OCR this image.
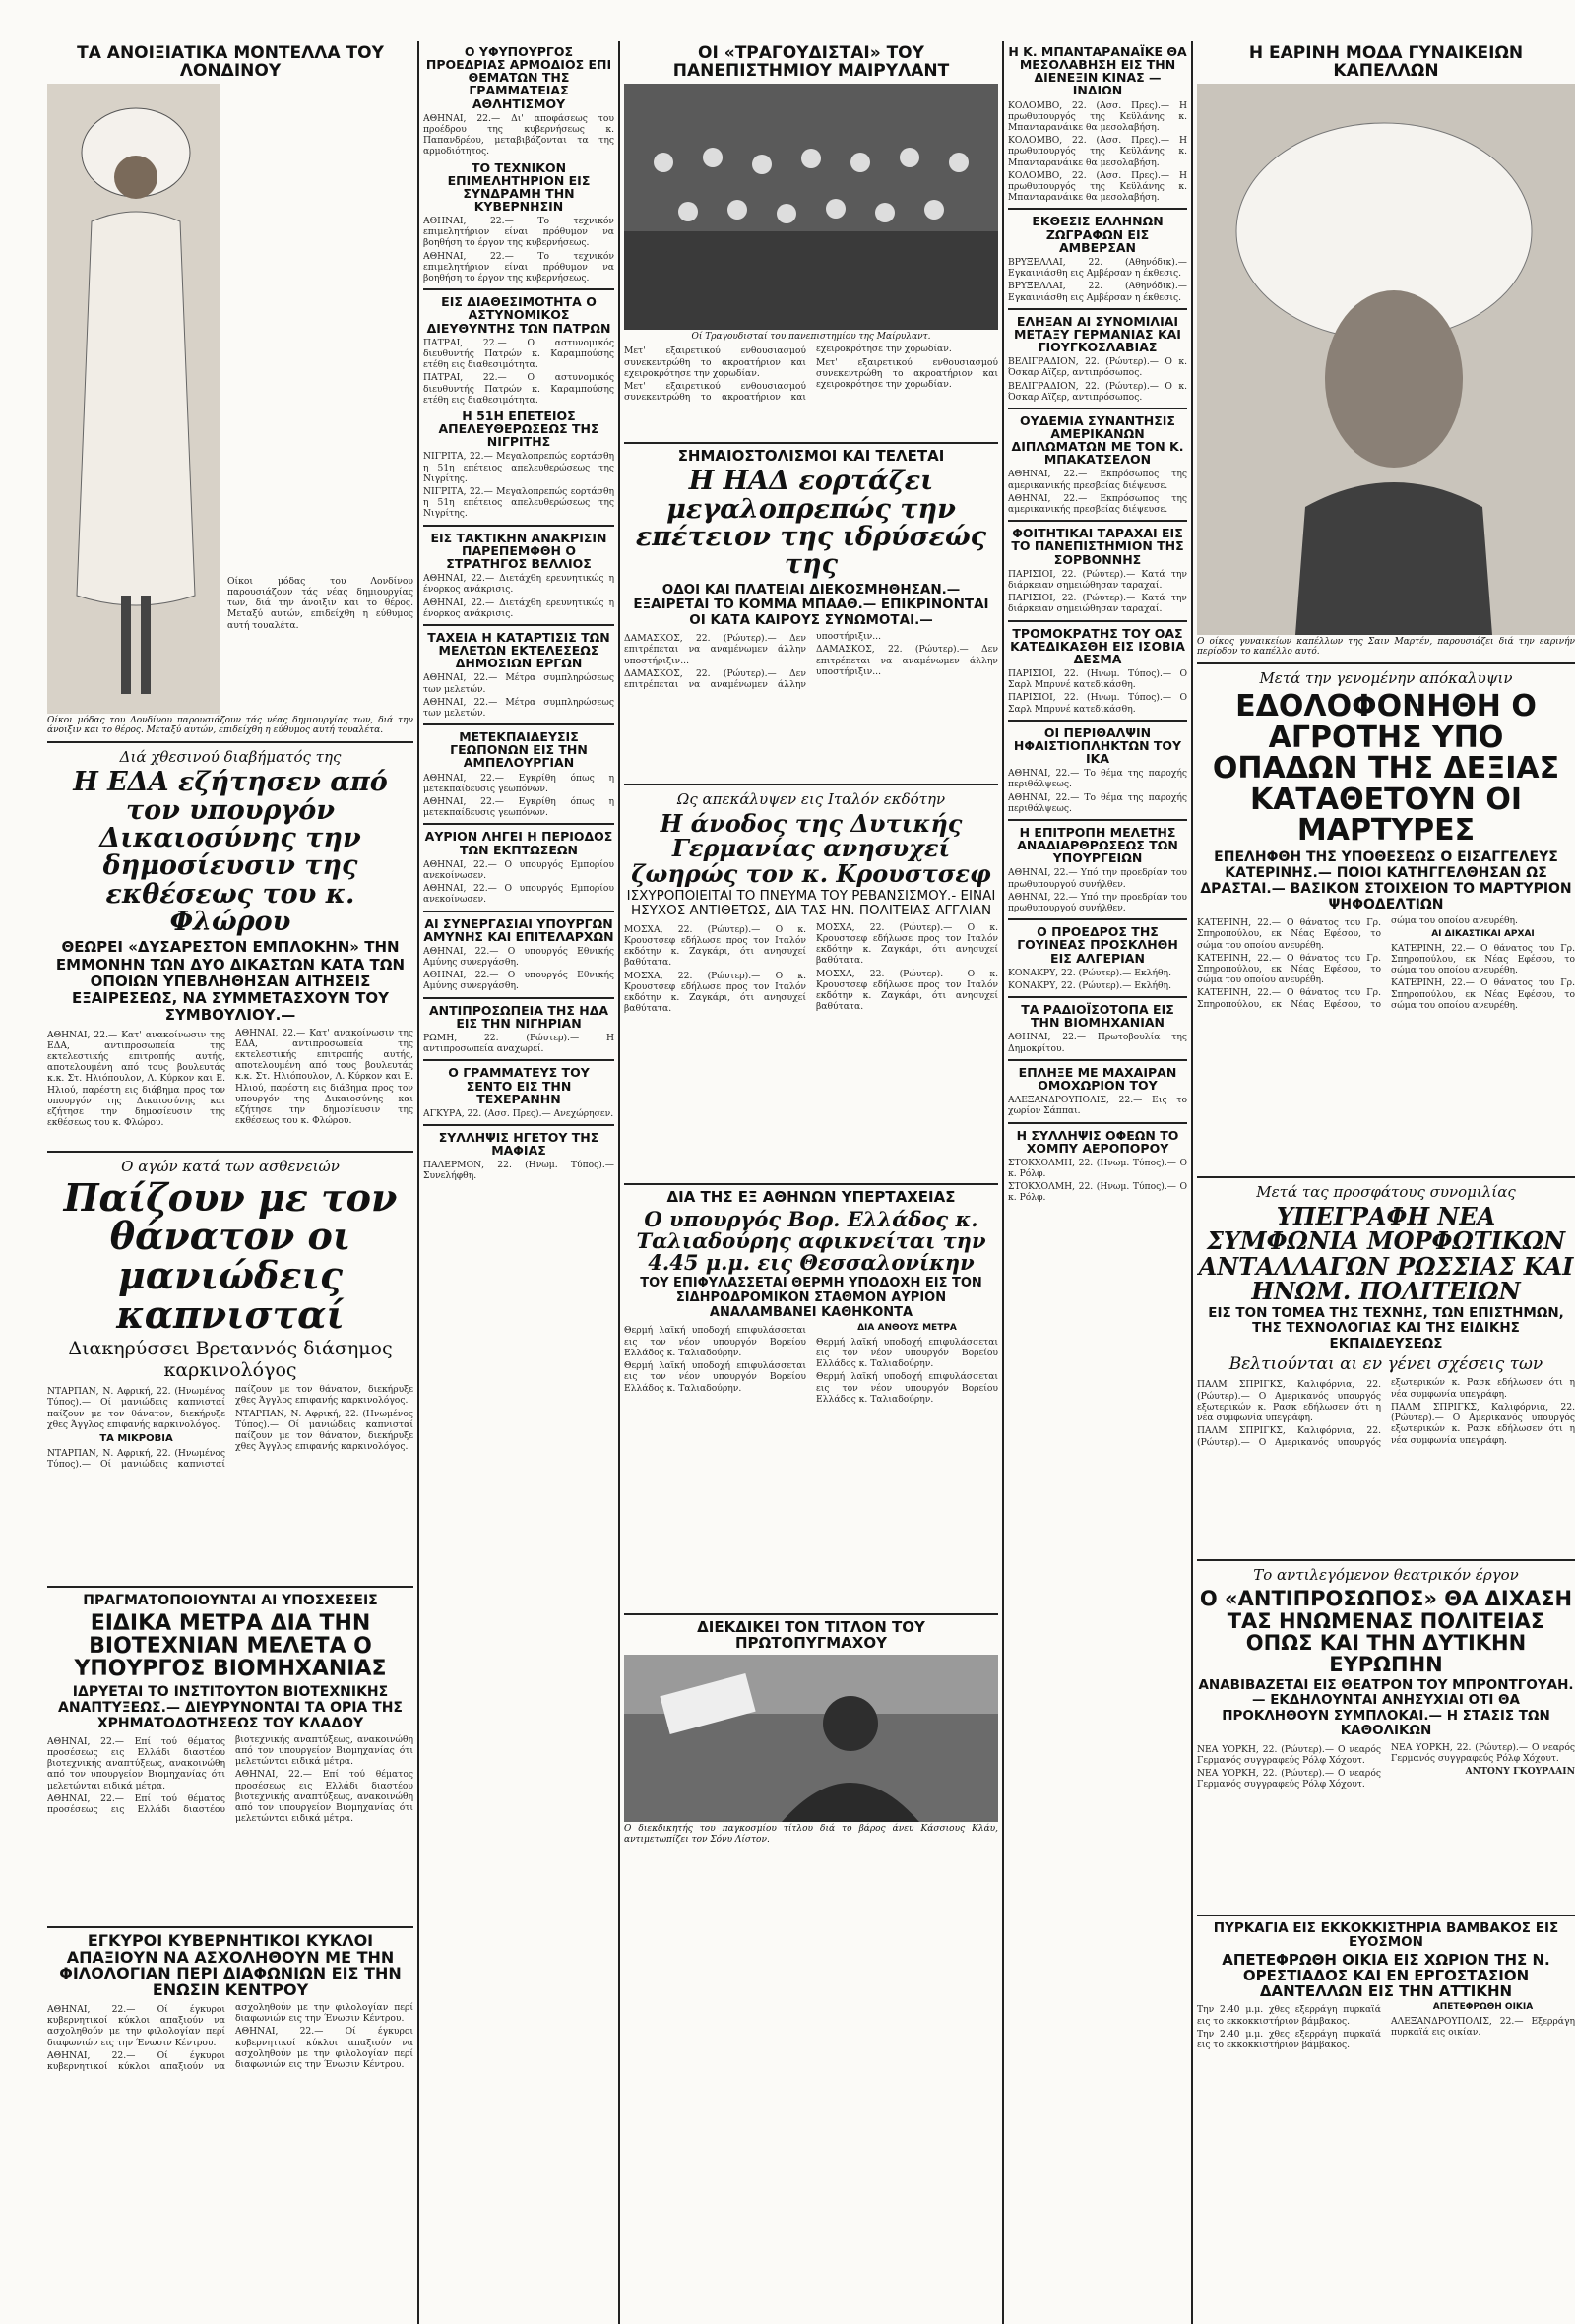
ΤΑ ΑΝΟΙΞΙΑΤΙΚΑ ΜΟΝΤΕΛΛΑ ΤΟΥ ΛΟΝΔΙΝΟΥ

Οίκοι μόδας του Λονδίνου παρουσιάζουν τάς νέας δημιουργίας των, διά την άνοιξιν και το θέρος. Μεταξύ αυτών, επιδείχθη η εύθυμος αυτή τουαλέτα.

Οίκοι μόδας του Λονδίνου παρουσιάζουν τάς νέας δημιουργίας των, διά την άνοιξιν και το θέρος. Μεταξύ αυτών, επιδείχθη η εύθυμος αυτή τουαλέτα.

Διά χθεσινού διαβήματός της
Η ΕΔΑ εζήτησεν από τον υπουργόν Δικαιοσύνης την δημοσίευσιν της εκθέσεως του κ. Φλώρου
ΘΕΩΡΕΙ «ΔΥΣΑΡΕΣΤΟΝ ΕΜΠΛΟΚΗΝ» ΤΗΝ ΕΜΜΟΝΗΝ ΤΩΝ ΔΥΟ ΔΙΚΑΣΤΩΝ ΚΑΤΑ ΤΩΝ ΟΠΟΙΩΝ ΥΠΕΒΛΗΘΗΣΑΝ ΑΙΤΗΣΕΙΣ ΕΞΑΙΡΕΣΕΩΣ, ΝΑ ΣΥΜΜΕΤΑΣΧΟΥΝ ΤΟΥ ΣΥΜΒΟΥΛΙΟΥ.—

ΑΘΗΝΑΙ, 22.— Κατ' ανακοίνωσιν της ΕΔΑ, αντιπροσωπεία της εκτελεστικής επιτροπής αυτής, αποτελουμένη από τους βουλευτάς κ.κ. Στ. Ηλιόπουλον, Λ. Κύρκον και Ε. Ηλιού, παρέστη εις διάβημα προς τον υπουργόν της Δικαιοσύνης και εζήτησε την δημοσίευσιν της εκθέσεως του κ. Φλώρου.

ΑΘΗΝΑΙ, 22.— Κατ' ανακοίνωσιν της ΕΔΑ, αντιπροσωπεία της εκτελεστικής επιτροπής αυτής, αποτελουμένη από τους βουλευτάς κ.κ. Στ. Ηλιόπουλον, Λ. Κύρκον και Ε. Ηλιού, παρέστη εις διάβημα προς τον υπουργόν της Δικαιοσύνης και εζήτησε την δημοσίευσιν της εκθέσεως του κ. Φλώρου.

Ο αγών κατά των ασθενειών
Παίζουν με τον θάνατον οι μανιώδεις καπνισταί
Διακηρύσσει Βρεταννός διάσημος καρκινολόγος

ΝΤΑΡΠΑΝ, Ν. Αφρική, 22. (Ηνωμένος Τύπος).— Οί μανιώδεις καπνισταί παίζουν με τον θάνατον, διεκήρυξε χθες Άγγλος επιφανής καρκινολόγος.

ΤΑ ΜΙΚΡΟΒΙΑ

ΝΤΑΡΠΑΝ, Ν. Αφρική, 22. (Ηνωμένος Τύπος).— Οί μανιώδεις καπνισταί παίζουν με τον θάνατον, διεκήρυξε χθες Άγγλος επιφανής καρκινολόγος.

ΝΤΑΡΠΑΝ, Ν. Αφρική, 22. (Ηνωμένος Τύπος).— Οί μανιώδεις καπνισταί παίζουν με τον θάνατον, διεκήρυξε χθες Άγγλος επιφανής καρκινολόγος.

ΠΡΑΓΜΑΤΟΠΟΙΟΥΝΤΑΙ ΑΙ ΥΠΟΣΧΕΣΕΙΣ
ΕΙΔΙΚΑ ΜΕΤΡΑ ΔΙΑ ΤΗΝ ΒΙΟΤΕΧΝΙΑΝ ΜΕΛΕΤΑ Ο ΥΠΟΥΡΓΟΣ ΒΙΟΜΗΧΑΝΙΑΣ
ΙΔΡΥΕΤΑΙ ΤΟ ΙΝΣΤΙΤΟΥΤΟΝ ΒΙΟΤΕΧΝΙΚΗΣ ΑΝΑΠΤΥΞΕΩΣ.— ΔΙΕΥΡΥΝΟΝΤΑΙ ΤΑ ΟΡΙΑ ΤΗΣ ΧΡΗΜΑΤΟΔΟΤΗΣΕΩΣ ΤΟΥ ΚΛΑΔΟΥ

ΑΘΗΝΑΙ, 22.— Επί τού θέματος προσέσεως εις Ελλάδι διαστέου βιοτεχνικής αναπτύξεως, ανακοινώθη από τον υπουργείον Βιομηχανίας ότι μελετώνται ειδικά μέτρα.

ΑΘΗΝΑΙ, 22.— Επί τού θέματος προσέσεως εις Ελλάδι διαστέου βιοτεχνικής αναπτύξεως, ανακοινώθη από τον υπουργείον Βιομηχανίας ότι μελετώνται ειδικά μέτρα.

ΑΘΗΝΑΙ, 22.— Επί τού θέματος προσέσεως εις Ελλάδι διαστέου βιοτεχνικής αναπτύξεως, ανακοινώθη από τον υπουργείον Βιομηχανίας ότι μελετώνται ειδικά μέτρα.

ΕΓΚΥΡΟΙ ΚΥΒΕΡΝΗΤΙΚΟΙ ΚΥΚΛΟΙ ΑΠΑΞΙΟΥΝ ΝΑ ΑΣΧΟΛΗΘΟΥΝ ΜΕ ΤΗΝ ΦΙΛΟΛΟΓΙΑΝ ΠΕΡΙ ΔΙΑΦΩΝΙΩΝ ΕΙΣ ΤΗΝ ΕΝΩΣΙΝ ΚΕΝΤΡΟΥ

ΑΘΗΝΑΙ, 22.— Οί έγκυροι κυβερνητικοί κύκλοι απαξιούν να ασχοληθούν με την φιλολογίαν περί διαφωνιών εις την Ένωσιν Κέντρου.

ΑΘΗΝΑΙ, 22.— Οί έγκυροι κυβερνητικοί κύκλοι απαξιούν να ασχοληθούν με την φιλολογίαν περί διαφωνιών εις την Ένωσιν Κέντρου.

ΑΘΗΝΑΙ, 22.— Οί έγκυροι κυβερνητικοί κύκλοι απαξιούν να ασχοληθούν με την φιλολογίαν περί διαφωνιών εις την Ένωσιν Κέντρου.

Ο ΥΦΥΠΟΥΡΓΟΣ ΠΡΟΕΔΡΙΑΣ ΑΡΜΟΔΙΟΣ ΕΠΙ ΘΕΜΑΤΩΝ ΤΗΣ ΓΡΑΜΜΑΤΕΙΑΣ ΑΘΛΗΤΙΣΜΟΥ

ΑΘΗΝΑΙ, 22.— Δι' αποφάσεως του προέδρου της κυβερνήσεως κ. Παπανδρέου, μεταβιβάζονται τα της αρμοδιότητος.

ΤΟ ΤΕΧΝΙΚΟΝ ΕΠΙΜΕΛΗΤΗΡΙΟΝ ΕΙΣ ΣΥΝΔΡΑΜΗ ΤΗΝ ΚΥΒΕΡΝΗΣΙΝ

ΑΘΗΝΑΙ, 22.— Το τεχνικόν επιμελητήριον είναι πρόθυμον να βοηθήση το έργον της κυβερνήσεως.

ΑΘΗΝΑΙ, 22.— Το τεχνικόν επιμελητήριον είναι πρόθυμον να βοηθήση το έργον της κυβερνήσεως.

ΕΙΣ ΔΙΑΘΕΣΙΜΟΤΗΤΑ Ο ΑΣΤΥΝΟΜΙΚΟΣ ΔΙΕΥΘΥΝΤΗΣ ΤΩΝ ΠΑΤΡΩΝ

ΠΑΤΡΑΙ, 22.— Ο αστυνομικός διευθυντής Πατρών κ. Καραμπούσης ετέθη εις διαθεσιμότητα.

ΠΑΤΡΑΙ, 22.— Ο αστυνομικός διευθυντής Πατρών κ. Καραμπούσης ετέθη εις διαθεσιμότητα.

Η 51Η ΕΠΕΤΕΙΟΣ ΑΠΕΛΕΥΘΕΡΩΣΕΩΣ ΤΗΣ ΝΙΓΡΙΤΗΣ

ΝΙΓΡΙΤΑ, 22.— Μεγαλοπρεπώς εορτάσθη η 51η επέτειος απελευθερώσεως της Νιγρίτης.

ΝΙΓΡΙΤΑ, 22.— Μεγαλοπρεπώς εορτάσθη η 51η επέτειος απελευθερώσεως της Νιγρίτης.

ΕΙΣ ΤΑΚΤΙΚΗΝ ΑΝΑΚΡΙΣΙΝ ΠΑΡΕΠΕΜΦΘΗ Ο ΣΤΡΑΤΗΓΟΣ ΒΕΛΛΙΟΣ

ΑΘΗΝΑΙ, 22.— Διετάχθη ερευνητικώς η ένορκος ανάκρισις.

ΑΘΗΝΑΙ, 22.— Διετάχθη ερευνητικώς η ένορκος ανάκρισις.

ΤΑΧΕΙΑ Η ΚΑΤΑΡΤΙΣΙΣ ΤΩΝ ΜΕΛΕΤΩΝ ΕΚΤΕΛΕΣΕΩΣ ΔΗΜΟΣΙΩΝ ΕΡΓΩΝ

ΑΘΗΝΑΙ, 22.— Μέτρα συμπληρώσεως των μελετών.

ΑΘΗΝΑΙ, 22.— Μέτρα συμπληρώσεως των μελετών.

ΜΕΤΕΚΠΑΙΔΕΥΣΙΣ ΓΕΩΠΟΝΩΝ ΕΙΣ ΤΗΝ ΑΜΠΕΛΟΥΡΓΙΑΝ

ΑΘΗΝΑΙ, 22.— Εγκρίθη όπως η μετεκπαίδευσις γεωπόνων.

ΑΘΗΝΑΙ, 22.— Εγκρίθη όπως η μετεκπαίδευσις γεωπόνων.

ΑΥΡΙΟΝ ΛΗΓΕΙ Η ΠΕΡΙΟΔΟΣ ΤΩΝ ΕΚΠΤΩΣΕΩΝ

ΑΘΗΝΑΙ, 22.— Ο υπουργός Εμπορίου ανεκοίνωσεν.

ΑΘΗΝΑΙ, 22.— Ο υπουργός Εμπορίου ανεκοίνωσεν.

ΑΙ ΣΥΝΕΡΓΑΣΙΑΙ ΥΠΟΥΡΓΩΝ ΑΜΥΝΗΣ ΚΑΙ ΕΠΙΤΕΛΑΡΧΩΝ

ΑΘΗΝΑΙ, 22.— Ο υπουργός Εθνικής Αμύνης συνεργάσθη.

ΑΘΗΝΑΙ, 22.— Ο υπουργός Εθνικής Αμύνης συνεργάσθη.

ΑΝΤΙΠΡΟΣΩΠΕΙΑ ΤΗΣ ΗΔΑ ΕΙΣ ΤΗΝ ΝΙΓΗΡΙΑΝ

ΡΩΜΗ, 22. (Ρώυτερ).— Η αντιπροσωπεία αναχωρεί.

Ο ΓΡΑΜΜΑΤΕΥΣ ΤΟΥ ΣΕΝΤΟ ΕΙΣ ΤΗΝ ΤΕΧΕΡΑΝΗΝ

ΑΓΚΥΡΑ, 22. (Ασσ. Πρες).— Ανεχώρησεν.

ΣΥΛΛΗΨΙΣ ΗΓΕΤΟΥ ΤΗΣ ΜΑΦΙΑΣ

ΠΑΛΕΡΜΟΝ, 22. (Ηνωμ. Τύπος).— Συνελήφθη.

ΟΙ «ΤΡΑΓΟΥΔΙΣΤΑΙ» ΤΟΥ ΠΑΝΕΠΙΣΤΗΜΙΟΥ ΜΑΙΡΥΛΑΝΤ

Οί Τραγουδισταί του πανεπιστημίου της Μαίρυλαντ.

Μετ' εξαιρετικού ενθουσιασμού συνεκεντρώθη το ακροατήριον και εχειροκρότησε την χορωδίαν.

Μετ' εξαιρετικού ενθουσιασμού συνεκεντρώθη το ακροατήριον και εχειροκρότησε την χορωδίαν.

Μετ' εξαιρετικού ενθουσιασμού συνεκεντρώθη το ακροατήριον και εχειροκρότησε την χορωδίαν.

ΣΗΜΑΙΟΣΤΟΛΙΣΜΟΙ ΚΑΙ ΤΕΛΕΤΑΙ
Η ΗΑΔ εορτάζει μεγαλοπρεπώς την επέτειον της ιδρύσεώς της
ΟΔΟΙ ΚΑΙ ΠΛΑΤΕΙΑΙ ΔΙΕΚΟΣΜΗΘΗΣΑΝ.— ΕΞΑΙΡΕΤΑΙ ΤΟ ΚΟΜΜΑ ΜΠΑΑΘ.— ΕΠΙΚΡΙΝΟΝΤΑΙ ΟΙ ΚΑΤΑ ΚΑΙΡΟΥΣ ΣΥΝΩΜΟΤΑΙ.—

ΔΑΜΑΣΚΟΣ, 22. (Ρώυτερ).— Δεν επιτρέπεται να αναμένωμεν άλλην υποστήριξιν...

ΔΑΜΑΣΚΟΣ, 22. (Ρώυτερ).— Δεν επιτρέπεται να αναμένωμεν άλλην υποστήριξιν...

ΔΑΜΑΣΚΟΣ, 22. (Ρώυτερ).— Δεν επιτρέπεται να αναμένωμεν άλλην υποστήριξιν...

Ως απεκάλυψεν εις Ιταλόν εκδότην
Η άνοδος της Δυτικής Γερμανίας ανησυχεί ζωηρώς τον κ. Κρουστσεφ
ΙΣΧΥΡΟΠΟΙΕΙΤΑΙ ΤΟ ΠΝΕΥΜΑ ΤΟΥ ΡΕΒΑΝΣΙΣΜΟΥ.- ΕΙΝΑΙ ΗΣΥΧΟΣ ΑΝΤΙΘΕΤΩΣ, ΔΙΑ ΤΑΣ ΗΝ. ΠΟΛΙΤΕΙΑΣ-ΑΓΓΛΙΑΝ

ΜΟΣΧΑ, 22. (Ρώυτερ).— Ο κ. Κρουστσεφ εδήλωσε προς τον Ιταλόν εκδότην κ. Ζαγκάρι, ότι ανησυχεί βαθύτατα.

ΜΟΣΧΑ, 22. (Ρώυτερ).— Ο κ. Κρουστσεφ εδήλωσε προς τον Ιταλόν εκδότην κ. Ζαγκάρι, ότι ανησυχεί βαθύτατα.

ΜΟΣΧΑ, 22. (Ρώυτερ).— Ο κ. Κρουστσεφ εδήλωσε προς τον Ιταλόν εκδότην κ. Ζαγκάρι, ότι ανησυχεί βαθύτατα.

ΜΟΣΧΑ, 22. (Ρώυτερ).— Ο κ. Κρουστσεφ εδήλωσε προς τον Ιταλόν εκδότην κ. Ζαγκάρι, ότι ανησυχεί βαθύτατα.

ΔΙΑ ΤΗΣ ΕΞ ΑΘΗΝΩΝ ΥΠΕΡΤΑΧΕΙΑΣ
Ο υπουργός Βορ. Ελλάδος κ. Ταλιαδούρης αφικνείται την 4.45 μ.μ. εις Θεσσαλονίκην
ΤΟΥ ΕΠΙΦΥΛΑΣΣΕΤΑΙ ΘΕΡΜΗ ΥΠΟΔΟΧΗ ΕΙΣ ΤΟΝ ΣΙΔΗΡΟΔΡΟΜΙΚΟΝ ΣΤΑΘΜΟΝ ΑΥΡΙΟΝ ΑΝΑΛΑΜΒΑΝΕΙ ΚΑΘΗΚΟΝΤΑ

Θερμή λαϊκή υποδοχή επιφυλάσσεται εις τον νέον υπουργόν Βορείου Ελλάδος κ. Ταλιαδούρην.

Θερμή λαϊκή υποδοχή επιφυλάσσεται εις τον νέον υπουργόν Βορείου Ελλάδος κ. Ταλιαδούρην.

ΔΙΑ ΑΝΘΟΥΣ ΜΕΤΡΑ

Θερμή λαϊκή υποδοχή επιφυλάσσεται εις τον νέον υπουργόν Βορείου Ελλάδος κ. Ταλιαδούρην.

Θερμή λαϊκή υποδοχή επιφυλάσσεται εις τον νέον υπουργόν Βορείου Ελλάδος κ. Ταλιαδούρην.

ΔΙΕΚΔΙΚΕΙ ΤΟΝ ΤΙΤΛΟΝ ΤΟΥ ΠΡΩΤΟΠΥΓΜΑΧΟΥ

Ο διεκδικητής του παγκοσμίου τίτλου διά το βάρος άνευ Κάσσιους Κλάυ, αντιμετωπίζει τον Σόνυ Λίστον.

Η Κ. ΜΠΑΝΤΑΡΑΝΑΪΚΕ ΘΑ ΜΕΣΟΛΑΒΗΣΗ ΕΙΣ ΤΗΝ ΔΙΕΝΕΞΙΝ ΚΙΝΑΣ — ΙΝΔΙΩΝ

ΚΟΛΟΜΒΟ, 22. (Ασσ. Πρες).— Η πρωθυπουργός της Κεϋλάνης κ. Μπανταρανάικε θα μεσολαβήση.

ΚΟΛΟΜΒΟ, 22. (Ασσ. Πρες).— Η πρωθυπουργός της Κεϋλάνης κ. Μπανταρανάικε θα μεσολαβήση.

ΚΟΛΟΜΒΟ, 22. (Ασσ. Πρες).— Η πρωθυπουργός της Κεϋλάνης κ. Μπανταρανάικε θα μεσολαβήση.

ΕΚΘΕΣΙΣ ΕΛΛΗΝΩΝ ΖΩΓΡΑΦΩΝ ΕΙΣ ΑΜΒΕΡΣΑΝ

ΒΡΥΞΕΛΛΑΙ, 22. (Αθηνόδικ).— Εγκαινιάσθη εις Αμβέρσαν η έκθεσις.

ΒΡΥΞΕΛΛΑΙ, 22. (Αθηνόδικ).— Εγκαινιάσθη εις Αμβέρσαν η έκθεσις.

ΕΛΗΞΑΝ ΑΙ ΣΥΝΟΜΙΛΙΑΙ ΜΕΤΑΞΥ ΓΕΡΜΑΝΙΑΣ ΚΑΙ ΓΙΟΥΓΚΟΣΛΑΒΙΑΣ

ΒΕΛΙΓΡΑΔΙΟΝ, 22. (Ρώυτερ).— Ο κ. Όσκαρ Αϊζερ, αντιπρόσωπος.

ΒΕΛΙΓΡΑΔΙΟΝ, 22. (Ρώυτερ).— Ο κ. Όσκαρ Αϊζερ, αντιπρόσωπος.

ΟΥΔΕΜΙΑ ΣΥΝΑΝΤΗΣΙΣ ΑΜΕΡΙΚΑΝΩΝ ΔΙΠΛΩΜΑΤΩΝ ΜΕ ΤΟΝ Κ. ΜΠΑΚΑΤΣΕΛΟΝ

ΑΘΗΝΑΙ, 22.— Εκπρόσωπος της αμερικανικής πρεσβείας διέψευσε.

ΑΘΗΝΑΙ, 22.— Εκπρόσωπος της αμερικανικής πρεσβείας διέψευσε.

ΦΟΙΤΗΤΙΚΑΙ ΤΑΡΑΧΑΙ ΕΙΣ ΤΟ ΠΑΝΕΠΙΣΤΗΜΙΟΝ ΤΗΣ ΣΟΡΒΟΝΝΗΣ

ΠΑΡΙΣΙΟΙ, 22. (Ρώυτερ).— Κατά την διάρκειαν σημειώθησαν ταραχαί.

ΠΑΡΙΣΙΟΙ, 22. (Ρώυτερ).— Κατά την διάρκειαν σημειώθησαν ταραχαί.

ΤΡΟΜΟΚΡΑΤΗΣ ΤΟΥ ΟΑΣ ΚΑΤΕΔΙΚΑΣΘΗ ΕΙΣ ΙΣΟΒΙΑ ΔΕΣΜΑ

ΠΑΡΙΣΙΟΙ, 22. (Ηνωμ. Τύπος).— Ο Σαρλ Μπρυνέ κατεδικάσθη.

ΠΑΡΙΣΙΟΙ, 22. (Ηνωμ. Τύπος).— Ο Σαρλ Μπρυνέ κατεδικάσθη.

ΟΙ ΠΕΡΙΘΑΛΨΙΝ ΗΦΑΙΣΤΙΟΠΛΗΚΤΩΝ ΤΟΥ ΙΚΑ

ΑΘΗΝΑΙ, 22.— Το θέμα της παροχής περιθάλψεως.

ΑΘΗΝΑΙ, 22.— Το θέμα της παροχής περιθάλψεως.

Η ΕΠΙΤΡΟΠΗ ΜΕΛΕΤΗΣ ΑΝΑΔΙΑΡΘΡΩΣΕΩΣ ΤΩΝ ΥΠΟΥΡΓΕΙΩΝ

ΑΘΗΝΑΙ, 22.— Υπό την προεδρίαν του πρωθυπουργού συνήλθεν.

ΑΘΗΝΑΙ, 22.— Υπό την προεδρίαν του πρωθυπουργού συνήλθεν.

Ο ΠΡΟΕΔΡΟΣ ΤΗΣ ΓΟΥΙΝΕΑΣ ΠΡΟΣΚΛΗΘΗ ΕΙΣ ΑΛΓΕΡΙΑΝ

ΚΟΝΑΚΡΥ, 22. (Ρώυτερ).— Εκλήθη.

ΚΟΝΑΚΡΥ, 22. (Ρώυτερ).— Εκλήθη.

ΤΑ ΡΑΔΙΟΪΣΟΤΟΠΑ ΕΙΣ ΤΗΝ ΒΙΟΜΗΧΑΝΙΑΝ

ΑΘΗΝΑΙ, 22.— Πρωτοβουλία της Δημοκρίτου.

ΕΠΛΗΞΕ ΜΕ ΜΑΧΑΙΡΑΝ ΟΜΟΧΩΡΙΟΝ ΤΟΥ

ΑΛΕΞΑΝΔΡΟΥΠΟΛΙΣ, 22.— Εις το χωρίον Σάππαι.

Η ΣΥΛΛΗΨΙΣ ΟΦΕΩΝ ΤΟ ΧΟΜΠΥ ΑΕΡΟΠΟΡΟΥ

ΣΤΟΚΧΟΛΜΗ, 22. (Ηνωμ. Τύπος).— Ο κ. Ρόλφ.

ΣΤΟΚΧΟΛΜΗ, 22. (Ηνωμ. Τύπος).— Ο κ. Ρόλφ.

Η ΕΑΡΙΝΗ ΜΟΔΑ ΓΥΝΑΙΚΕΙΩΝ ΚΑΠΕΛΛΩΝ

Ο οίκος γυναικείων καπέλλων της Σαιν Μαρτέν, παρουσιάζει διά την εαρινήν περίοδον το καπέλλο αυτό.

Μετά την γενομένην απόκαλυψιν
ΕΔΟΛΟΦΟΝΗΘΗ Ο ΑΓΡΟΤΗΣ ΥΠΟ ΟΠΑΔΩΝ ΤΗΣ ΔΕΞΙΑΣ ΚΑΤΑΘΕΤΟΥΝ ΟΙ ΜΑΡΤΥΡΕΣ
ΕΠΕΛΗΦΘΗ ΤΗΣ ΥΠΟΘΕΣΕΩΣ Ο ΕΙΣΑΓΓΕΛΕΥΣ ΚΑΤΕΡΙΝΗΣ.— ΠΟΙΟΙ ΚΑΤΗΓΓΕΛΘΗΣΑΝ ΩΣ ΔΡΑΣΤΑΙ.— ΒΑΣΙΚΟΝ ΣΤΟΙΧΕΙΟΝ ΤΟ ΜΑΡΤΥΡΙΟΝ ΨΗΦΟΔΕΛΤΙΩΝ

ΚΑΤΕΡΙΝΗ, 22.— Ο θάνατος του Γρ. Σπηροπούλου, εκ Νέας Εφέσου, το σώμα του οποίου ανευρέθη.

ΚΑΤΕΡΙΝΗ, 22.— Ο θάνατος του Γρ. Σπηροπούλου, εκ Νέας Εφέσου, το σώμα του οποίου ανευρέθη.

ΚΑΤΕΡΙΝΗ, 22.— Ο θάνατος του Γρ. Σπηροπούλου, εκ Νέας Εφέσου, το σώμα του οποίου ανευρέθη.

ΑΙ ΔΙΚΑΣΤΙΚΑΙ ΑΡΧΑΙ

ΚΑΤΕΡΙΝΗ, 22.— Ο θάνατος του Γρ. Σπηροπούλου, εκ Νέας Εφέσου, το σώμα του οποίου ανευρέθη.

ΚΑΤΕΡΙΝΗ, 22.— Ο θάνατος του Γρ. Σπηροπούλου, εκ Νέας Εφέσου, το σώμα του οποίου ανευρέθη.

Μετά τας προσφάτους συνομιλίας
ΥΠΕΓΡΑΦΗ ΝΕΑ ΣΥΜΦΩΝΙΑ ΜΟΡΦΩΤΙΚΩΝ ΑΝΤΑΛΛΑΓΩΝ ΡΩΣΣΙΑΣ ΚΑΙ ΗΝΩΜ. ΠΟΛΙΤΕΙΩΝ
ΕΙΣ ΤΟΝ ΤΟΜΕΑ ΤΗΣ ΤΕΧΝΗΣ, ΤΩΝ ΕΠΙΣΤΗΜΩΝ, ΤΗΣ ΤΕΧΝΟΛΟΓΙΑΣ ΚΑΙ ΤΗΣ ΕΙΔΙΚΗΣ ΕΚΠΑΙΔΕΥΣΕΩΣ
Βελτιούνται αι εν γένει σχέσεις των

ΠΑΛΜ ΣΠΡΙΓΚΣ, Καλιφόρνια, 22. (Ρώυτερ).— Ο Αμερικανός υπουργός εξωτερικών κ. Ρασκ εδήλωσεν ότι η νέα συμφωνία υπεγράφη.

ΠΑΛΜ ΣΠΡΙΓΚΣ, Καλιφόρνια, 22. (Ρώυτερ).— Ο Αμερικανός υπουργός εξωτερικών κ. Ρασκ εδήλωσεν ότι η νέα συμφωνία υπεγράφη.

ΠΑΛΜ ΣΠΡΙΓΚΣ, Καλιφόρνια, 22. (Ρώυτερ).— Ο Αμερικανός υπουργός εξωτερικών κ. Ρασκ εδήλωσεν ότι η νέα συμφωνία υπεγράφη.

Το αντιλεγόμενον θεατρικόν έργον
Ο «ΑΝΤΙΠΡΟΣΩΠΟΣ» ΘΑ ΔΙΧΑΣΗ ΤΑΣ ΗΝΩΜΕΝΑΣ ΠΟΛΙΤΕΙΑΣ ΟΠΩΣ ΚΑΙ ΤΗΝ ΔΥΤΙΚΗΝ ΕΥΡΩΠΗΝ
ΑΝΑΒΙΒΑΖΕΤΑΙ ΕΙΣ ΘΕΑΤΡΟΝ ΤΟΥ ΜΠΡΟΝΤΓΟΥΑΗ.— ΕΚΔΗΛΟΥΝΤΑΙ ΑΝΗΣΥΧΙΑΙ ΟΤΙ ΘΑ ΠΡΟΚΛΗΘΟΥΝ ΣΥΜΠΛΟΚΑΙ.— Η ΣΤΑΣΙΣ ΤΩΝ ΚΑΘΟΛΙΚΩΝ

ΝΕΑ ΥΟΡΚΗ, 22. (Ρώυτερ).— Ο νεαρός Γερμανός συγγραφεύς Ρόλφ Χόχουτ.

ΝΕΑ ΥΟΡΚΗ, 22. (Ρώυτερ).— Ο νεαρός Γερμανός συγγραφεύς Ρόλφ Χόχουτ.

ΝΕΑ ΥΟΡΚΗ, 22. (Ρώυτερ).— Ο νεαρός Γερμανός συγγραφεύς Ρόλφ Χόχουτ.

ΑΝΤΟΝΥ ΓΚΟΥΡΛΑΙΝ

ΠΥΡΚΑΓΙΑ ΕΙΣ ΕΚΚΟΚΚΙΣΤΗΡΙΑ ΒΑΜΒΑΚΟΣ ΕΙΣ ΕΥΟΣΜΟΝ
ΑΠΕΤΕΦΡΩΘΗ ΟΙΚΙΑ ΕΙΣ ΧΩΡΙΟΝ ΤΗΣ Ν. ΟΡΕΣΤΙΑΔΟΣ ΚΑΙ ΕΝ ΕΡΓΟΣΤΑΣΙΟΝ ΔΑΝΤΕΛΛΩΝ ΕΙΣ ΤΗΝ ΑΤΤΙΚΗΝ

Την 2.40 μ.μ. χθες εξερράγη πυρκαϊά εις το εκκοκκιστήριον βάμβακος.

Την 2.40 μ.μ. χθες εξερράγη πυρκαϊά εις το εκκοκκιστήριον βάμβακος.

ΑΠΕΤΕΦΡΩΘΗ ΟΙΚΙΑ

ΑΛΕΞΑΝΔΡΟΥΠΟΛΙΣ, 22.— Εξερράγη πυρκαϊά εις οικίαν.
